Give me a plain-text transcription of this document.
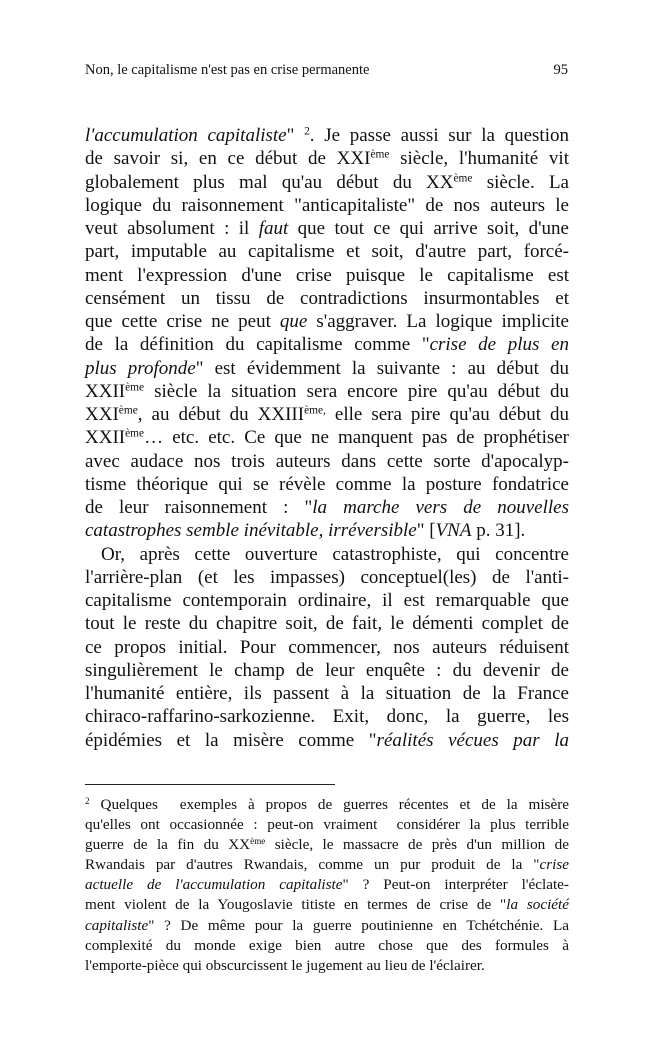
Non, le capitalisme n'est pas en crise permanente	95
l'accumulation capitaliste" $^2$. Je passe aussi sur la question
de savoir si, en ce début de XXIème siècle, l'humanité vit
globalement plus mal qu'au début du XXème siècle. La
logique du raisonnement "anticapitaliste" de nos auteurs le
veut absolument : il faut que tout ce qui arrive soit, d'une
part, imputable au capitalisme et soit, d'autre part, forcé-
ment l'expression d'une crise puisque le capitalisme est
censément un tissu de contradictions insurmontables et
que cette crise ne peut que s'aggraver. La logique implicite
de la définition du capitalisme comme "crise de plus en
plus profonde" est évidemment la suivante : au début du
XXIIème siècle la situation sera encore pire qu'au début du
XXIème, au début du $XXIII^{ème,}$ elle sera pire qu'au début du
XXIIème… etc. etc. Ce que ne manquent pas de prophétiser
avec audace nos trois auteurs dans cette sorte d'apocalyp-
tisme théorique qui se révèle comme la posture fondatrice
de leur raisonnement : "la marche vers de nouvelles
catastrophes semble inévitable, irréversible" [VNA p. 31].
Or, après cette ouverture catastrophiste, qui concentre
l'arrière-plan (et les impasses) conceptuel(les) de l'anti-
capitalisme contemporain ordinaire, il est remarquable que
tout le reste du chapitre soit, de fait, le démenti complet de
ce propos initial. Pour commencer, nos auteurs réduisent
singulièrement le champ de leur enquête : du devenir de
l'humanité entière, ils passent à la situation de la France
chiraco-raffarino-sarkozienne. Exit, donc, la guerre, les
épidémies et la misère comme "réalités vécues par la
$^2$ Quelques  exemples à propos de guerres récentes et de la misère
qu'elles ont occasionnée : peut-on vraiment  considérer la plus terrible
guerre de la fin du XXème siècle, le massacre de près d'un million de
Rwandais par d'autres Rwandais, comme un pur produit de la "crise
actuelle de l'accumulation capitaliste" ? Peut-on interpréter l'éclate-
ment violent de la Yougoslavie titiste en termes de crise de "la société
capitaliste" ? De même pour la guerre poutinienne en Tchétchénie. La
complexité du monde exige bien autre chose que des formules à
l'emporte-pièce qui obscurcissent le jugement au lieu de l'éclairer.
